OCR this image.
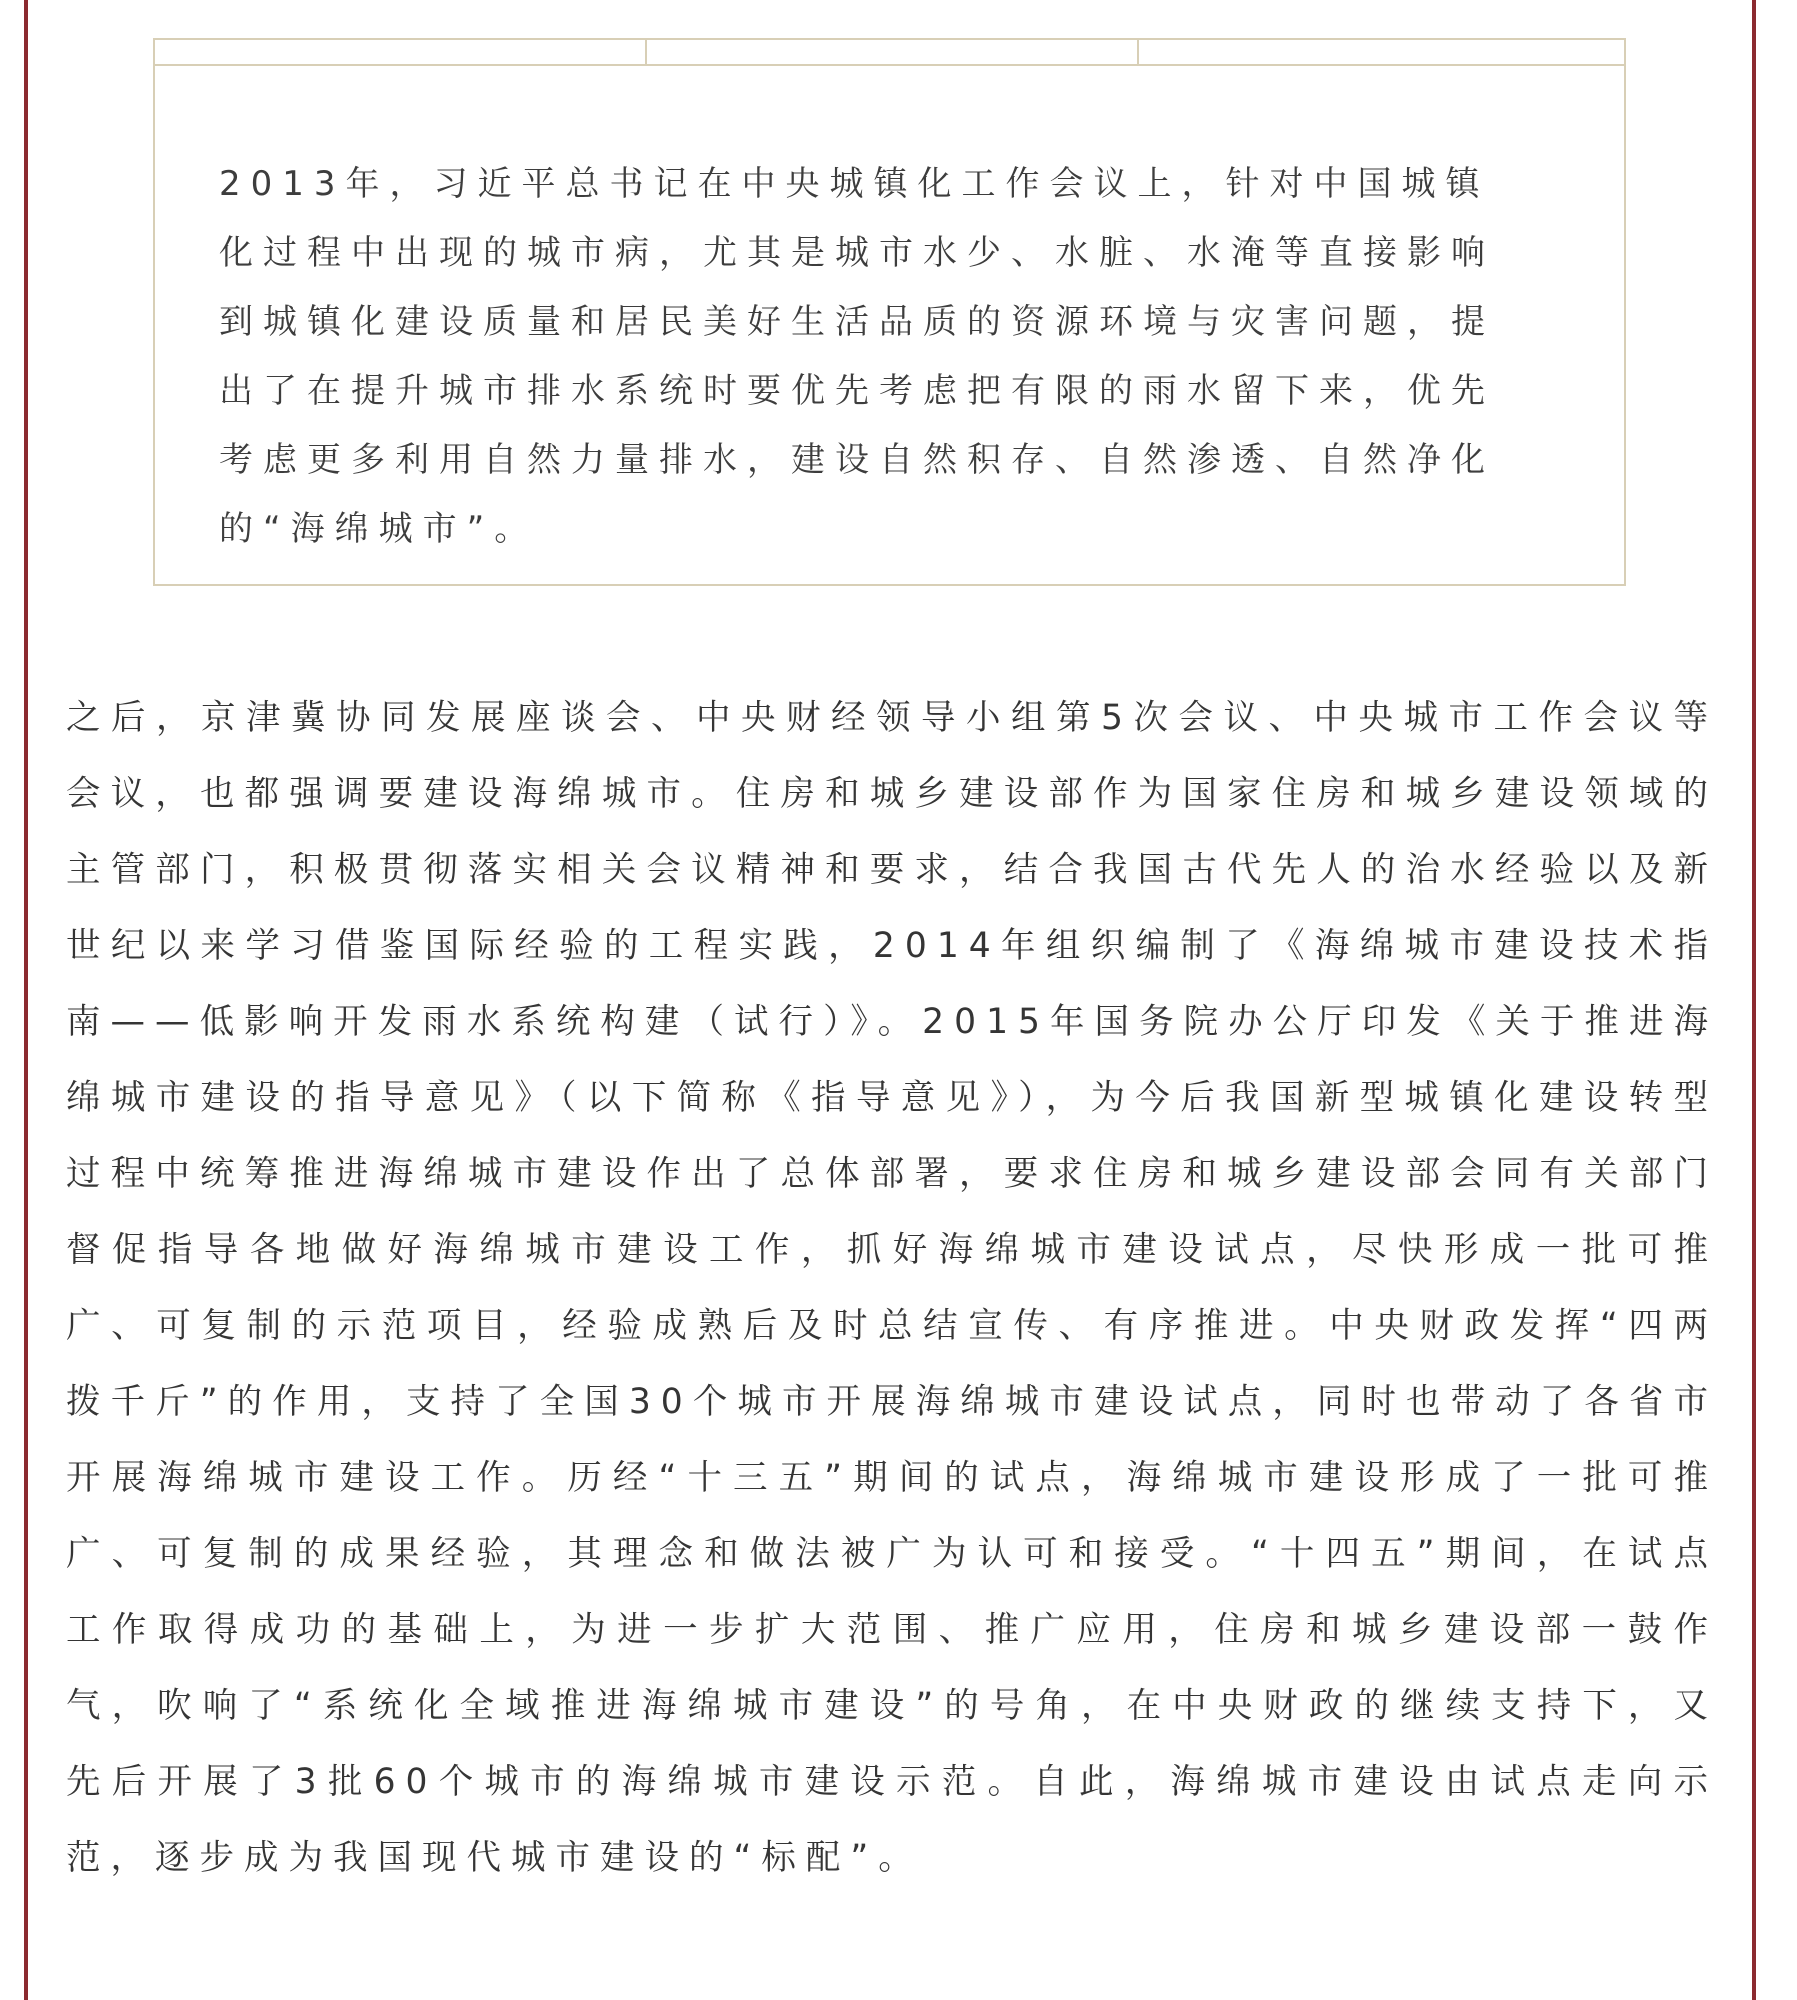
2013年，习近平总书记在中央城镇化工作会议上，针对中国城镇化过程中出现的城市病，尤其是城市水少、水脏、水淹等直接影响到城镇化建设质量和居民美好生活品质的资源环境与灾害问题，提出了在提升城市排水系统时要优先考虑把有限的雨水留下来，优先考虑更多利用自然力量排水，建设自然积存、自然渗透、自然净化的“海绵城市”。

之后，京津冀协同发展座谈会、中央财经领导小组第5次会议、中央城市工作会议等会议，也都强调要建设海绵城市。住房和城乡建设部作为国家住房和城乡建设领域的主管部门，积极贯彻落实相关会议精神和要求，结合我国古代先人的治水经验以及新世纪以来学习借鉴国际经验的工程实践，2014年组织编制了《海绵城市建设技术指南——低影响开发雨水系统构建（试行）》。2015年国务院办公厅印发《关于推进海绵城市建设的指导意见》（以下简称《指导意见》），为今后我国新型城镇化建设转型过程中统筹推进海绵城市建设作出了总体部署，要求住房和城乡建设部会同有关部门督促指导各地做好海绵城市建设工作，抓好海绵城市建设试点，尽快形成一批可推广、可复制的示范项目，经验成熟后及时总结宣传、有序推进。中央财政发挥“四两拨千斤”的作用，支持了全国30个城市开展海绵城市建设试点，同时也带动了各省市开展海绵城市建设工作。历经“十三五”期间的试点，海绵城市建设形成了一批可推广、可复制的成果经验，其理念和做法被广为认可和接受。“十四五”期间，在试点工作取得成功的基础上，为进一步扩大范围、推广应用，住房和城乡建设部一鼓作气，吹响了“系统化全域推进海绵城市建设”的号角，在中央财政的继续支持下，又先后开展了3批60个城市的海绵城市建设示范。自此，海绵城市建设由试点走向示范，逐步成为我国现代城市建设的“标配”。
